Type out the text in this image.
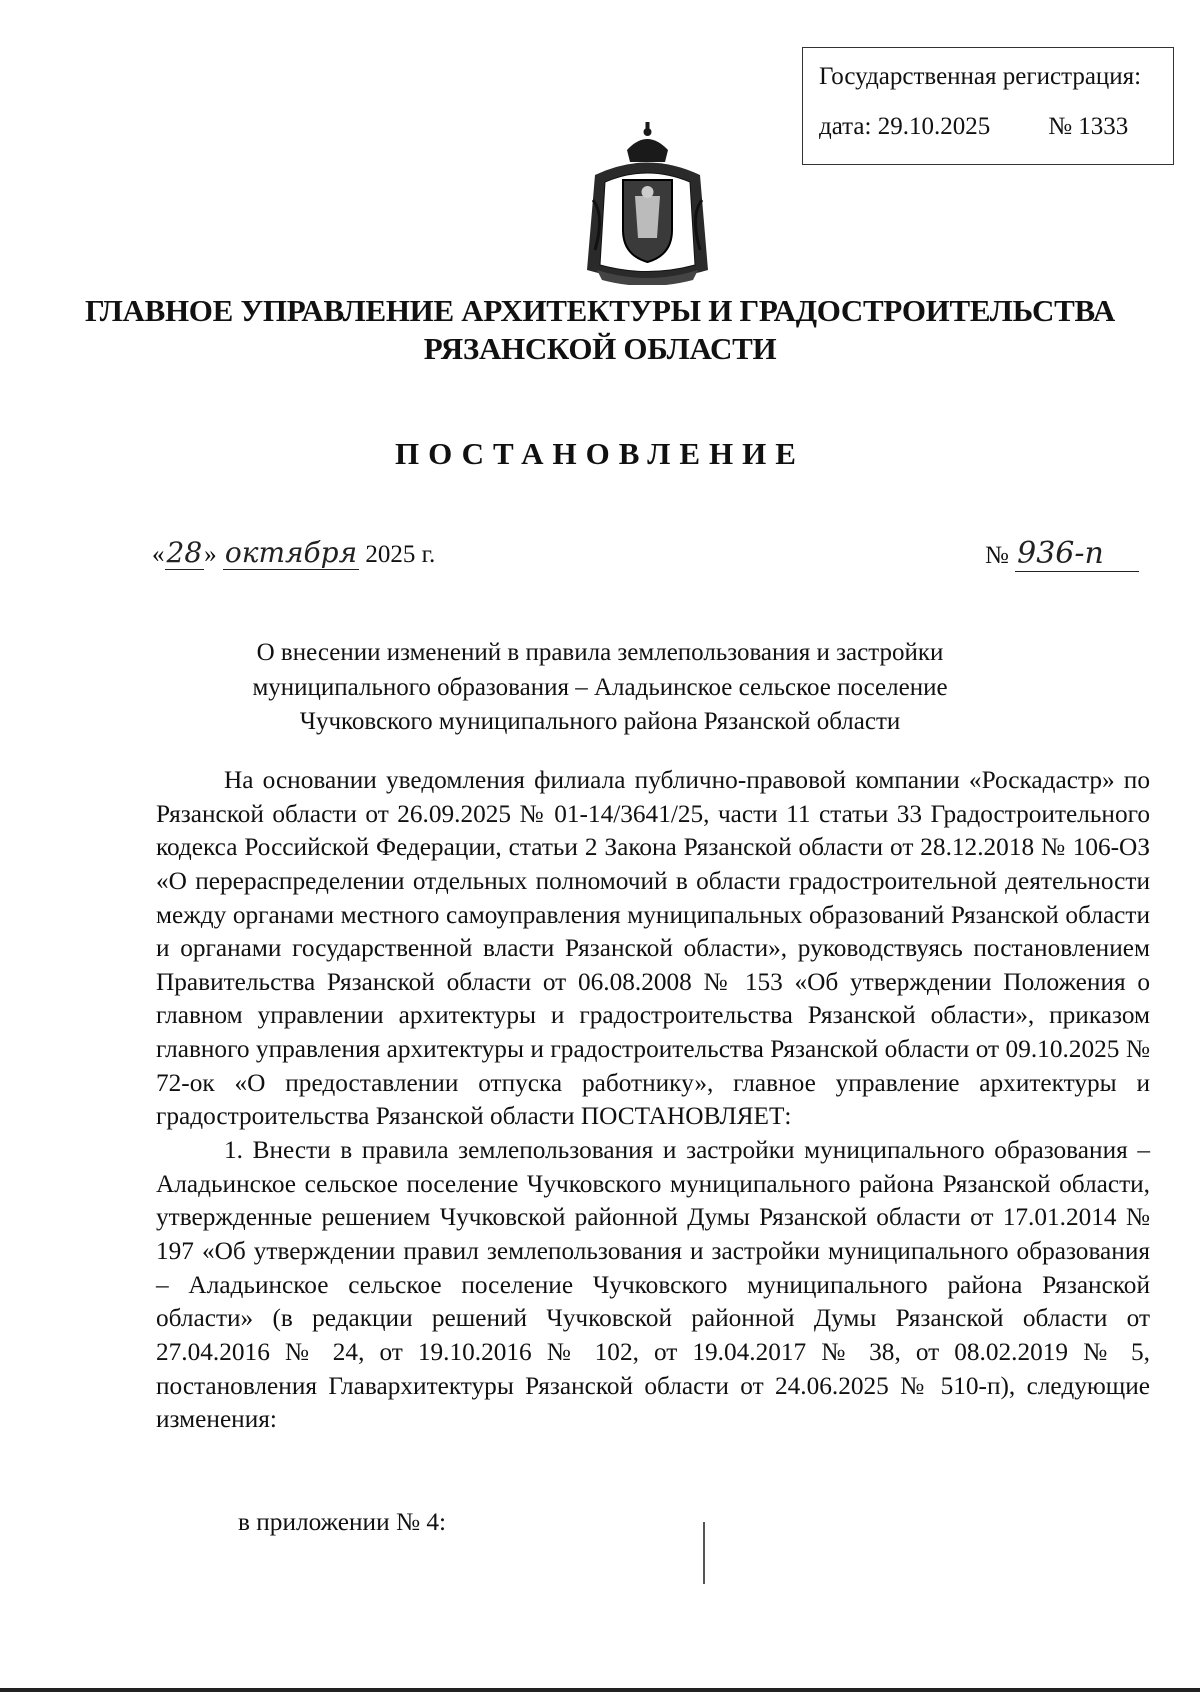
Государственная регистрация:
дата: 29.10.2025 № 1333
ГЛАВНОЕ УПРАВЛЕНИЕ АРХИТЕКТУРЫ И ГРАДОСТРОИТЕЛЬСТВА
РЯЗАНСКОЙ ОБЛАСТИ
ПОСТАНОВЛЕНИЕ
«28» октября 2025 г.	№ 936-п
О внесении изменений в правила землепользования и застройки
муниципального образования – Аладьинское сельское поселение
Чучковского муниципального района Рязанской области

На основании уведомления филиала публично-правовой компании «Роскадастр» по Рязанской области от 26.09.2025 № 01-14/3641/25, части 11 статьи 33 Градостроительного кодекса Российской Федерации, статьи 2 Закона Рязанской области от 28.12.2018 № 106-ОЗ «О перераспределении отдельных полномочий в области градостроительной деятельности между органами местного самоуправления муниципальных образований Рязанской области и органами государственной власти Рязанской области», руководствуясь постановлением Правительства Рязанской области от 06.08.2008 № 153 «Об утверждении Положения о главном управлении архитектуры и градостроительства Рязанской области», приказом главного управления архитектуры и градостроительства Рязанской области от 09.10.2025 № 72-ок «О предоставлении отпуска работнику», главное управление архитектуры и градостроительства Рязанской области ПОСТАНОВЛЯЕТ:

1. Внести в правила землепользования и застройки муниципального образования – Аладьинское сельское поселение Чучковского муниципального района Рязанской области, утвержденные решением Чучковской районной Думы Рязанской области от 17.01.2014 № 197 «Об утверждении правил землепользования и застройки муниципального образования – Аладьинское сельское поселение Чучковского муниципального района Рязанской области» (в редакции решений Чучковской районной Думы Рязанской области от 27.04.2016 № 24, от 19.10.2016 № 102, от 19.04.2017 № 38, от 08.02.2019 № 5, постановления Главархитектуры Рязанской области от 24.06.2025 № 510-п), следующие изменения:

в приложении № 4:
